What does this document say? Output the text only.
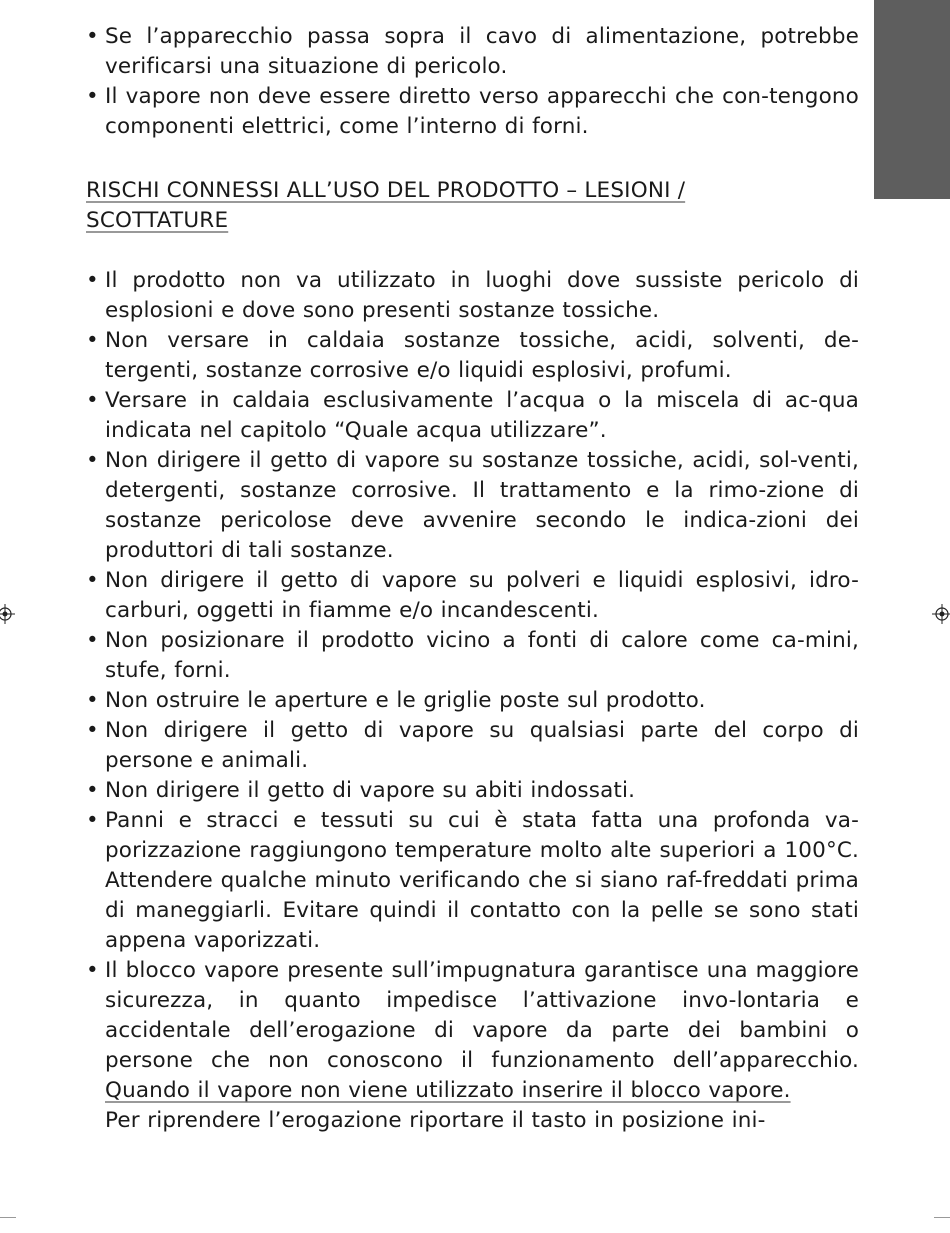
• Se l’apparecchio passa sopra il cavo di alimentazione, potrebbe verificarsi una situazione di pericolo.
• Il vapore non deve essere diretto verso apparecchi che con-tengono componenti elettrici, come l’interno di forni.
RISCHI CONNESSI ALL’USO DEL PRODOTTO – LESIONI / SCOTTATURE
• Il prodotto non va utilizzato in luoghi dove sussiste pericolo di esplosioni e dove sono presenti sostanze tossiche.
• Non versare in caldaia sostanze tossiche, acidi, solventi, de-tergenti, sostanze corrosive e/o liquidi esplosivi, profumi.
• Versare in caldaia esclusivamente l’acqua o la miscela di ac-qua indicata nel capitolo “Quale acqua utilizzare”.
• Non dirigere il getto di vapore su sostanze tossiche, acidi, sol-venti, detergenti, sostanze corrosive. Il trattamento e la rimo-zione di sostanze pericolose deve avvenire secondo le indica-zioni dei produttori di tali sostanze.
• Non dirigere il getto di vapore su polveri e liquidi esplosivi, idro-carburi, oggetti in fiamme e/o incandescenti.
• Non posizionare il prodotto vicino a fonti di calore come ca-mini, stufe, forni.
• Non ostruire le aperture e le griglie poste sul prodotto.
• Non dirigere il getto di vapore su qualsiasi parte del corpo di persone e animali.
• Non dirigere il getto di vapore su abiti indossati.
• Panni e stracci e tessuti su cui è stata fatta una profonda va-porizzazione raggiungono temperature molto alte superiori a 100°C. Attendere qualche minuto verificando che si siano raf-freddati prima di maneggiarli. Evitare quindi il contatto con la pelle se sono stati appena vaporizzati.
• Il blocco vapore presente sull’impugnatura garantisce una maggiore sicurezza, in quanto impedisce l’attivazione invo-lontaria e accidentale dell’erogazione di vapore da parte dei bambini o persone che non conoscono il funzionamento dell’apparecchio. Quando il vapore non viene utilizzato inserire il blocco vapore.
Per riprendere l’erogazione riportare il tasto in posizione ini-
